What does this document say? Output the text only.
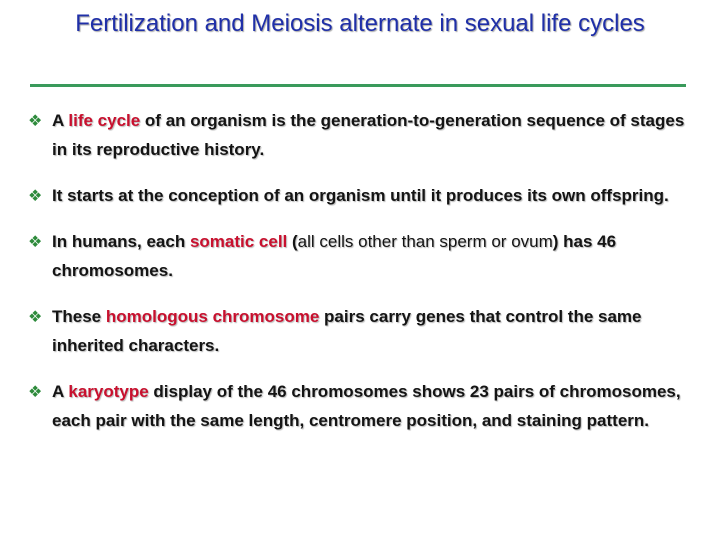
Fertilization and Meiosis alternate in sexual life cycles
❖ A life cycle of an organism is the generation-to-generation sequence of stages in its reproductive history.
❖ It starts at the conception of an organism until it produces its own offspring.
❖ In humans, each somatic cell (all cells other than sperm or ovum) has 46 chromosomes.
❖ These homologous chromosome pairs carry genes that control the same inherited characters.
❖ A karyotype display of the 46 chromosomes shows 23 pairs of chromosomes, each pair with the same length, centromere position, and staining pattern.
